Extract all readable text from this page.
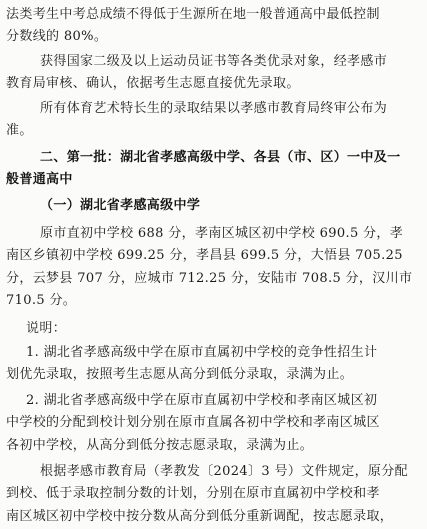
法类考生中考总成绩不得低于生源所在地一般普通高中最低控制
分数线的 80%。
获得国家二级及以上运动员证书等各类优录对象，经孝感市
教育局审核、确认，依据考生志愿直接优先录取。
所有体育艺术特长生的录取结果以孝感市教育局终审公布为
准。
二、第一批：湖北省孝感高级中学、各县（市、区）一中及一
般普通高中
（一）湖北省孝感高级中学
原市直初中学校 688 分，孝南区城区初中学校 690.5 分，孝
南区乡镇初中学校 699.25 分，孝昌县 699.5 分，大悟县 705.25
分，云梦县 707 分，应城市 712.25 分，安陆市 708.5 分，汉川市
710.5 分。
说明：
1. 湖北省孝感高级中学在原市直属初中学校的竞争性招生计
划优先录取，按照考生志愿从高分到低分录取，录满为止。
2. 湖北省孝感高级中学在原市直属初中学校和孝南区城区初
中学校的分配到校计划分别在原市直属各初中学校和孝南区城区
各初中学校，从高分到低分按志愿录取，录满为止。
根据孝感市教育局（孝教发〔2024〕3 号）文件规定，原分配
到校、低于录取控制分数的计划，分别在原市直属初中学校和孝
南区城区初中学校中按分数从高分到低分重新调配，按志愿录取，
